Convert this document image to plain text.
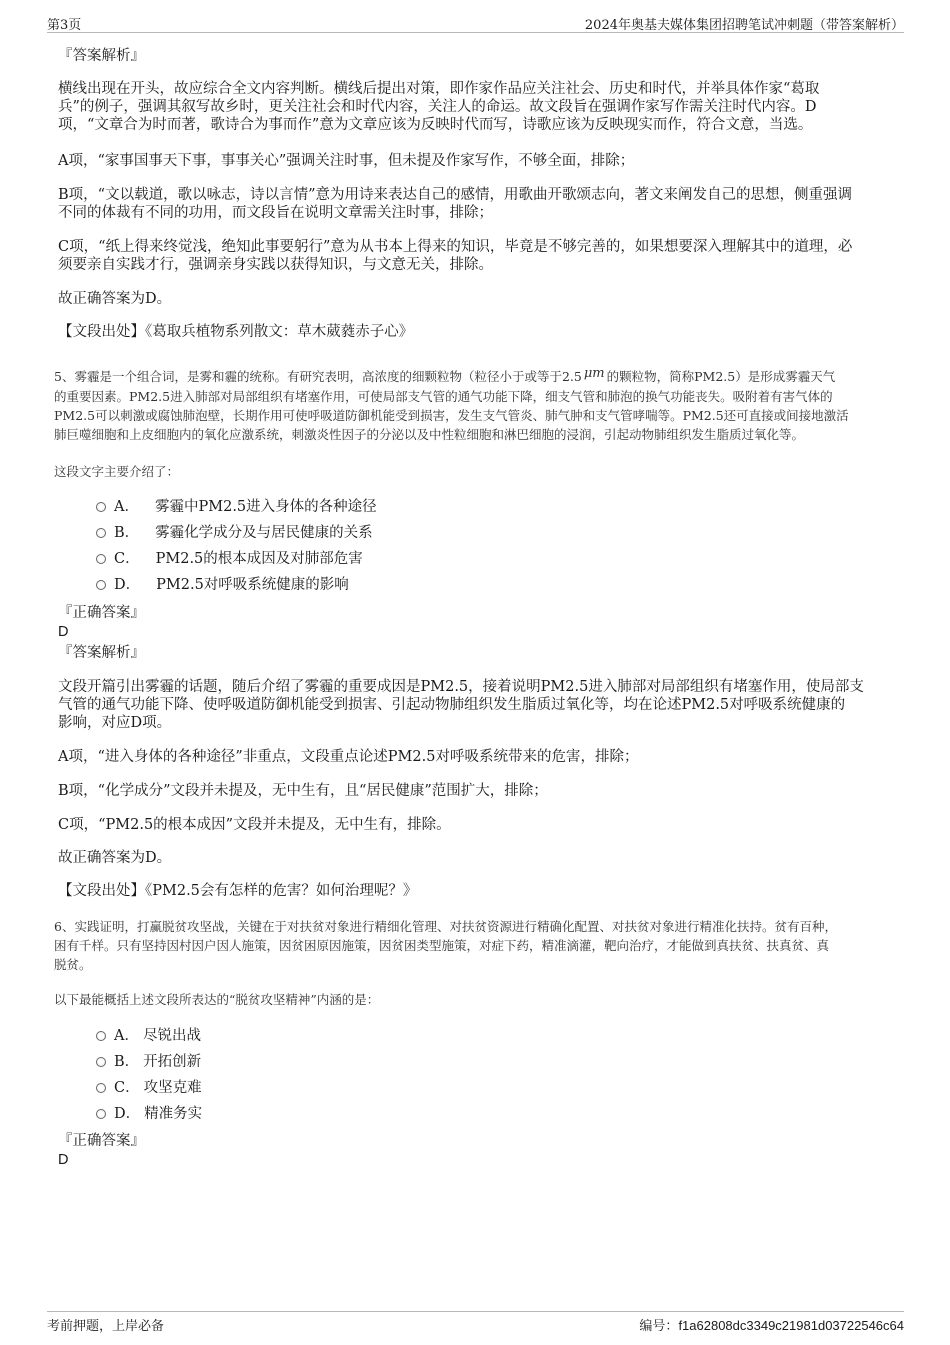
第3页	2024年奥基夫媒体集团招聘笔试冲刺题（带答案解析）
『答案解析』
横线出现在开头，故应综合全文内容判断。横线后提出对策，即作家作品应关注社会、历史和时代，并举具体作家“葛取
兵”的例子，强调其叙写故乡时，更关注社会和时代内容，关注人的命运。故文段旨在强调作家写作需关注时代内容。D
项，“文章合为时而著，歌诗合为事而作”意为文章应该为反映时代而写，诗歌应该为反映现实而作，符合文意，当选。
A项，“家事国事天下事，事事关心”强调关注时事，但未提及作家写作，不够全面，排除；
B项，“文以载道，歌以咏志，诗以言情”意为用诗来表达自己的感情，用歌曲开歌颂志向，著文来阐发自己的思想，侧重强调
不同的体裁有不同的功用，而文段旨在说明文章需关注时事，排除；
C项，“纸上得来终觉浅，绝知此事要躬行”意为从书本上得来的知识，毕竟是不够完善的，如果想要深入理解其中的道理，必
须要亲自实践才行，强调亲身实践以获得知识，与文意无关，排除。
故正确答案为D。
【文段出处】《葛取兵植物系列散文：草木葳蕤赤子心》
5、雾霾是一个组合词，是雾和霾的统称。有研究表明，高浓度的细颗粒物（粒径小于或等于2.5 μm 的颗粒物，简称PM2.5）是形成雾霾天气
的重要因素。PM2.5进入肺部对局部组织有堵塞作用，可使局部支气管的通气功能下降，细支气管和肺泡的换气功能丧失。吸附着有害气体的
PM2.5可以刺激或腐蚀肺泡壁，长期作用可使呼吸道防御机能受到损害，发生支气管炎、肺气肿和支气管哮喘等。PM2.5还可直接或间接地激活
肺巨噬细胞和上皮细胞内的氧化应激系统，刺激炎性因子的分泌以及中性粒细胞和淋巴细胞的浸润，引起动物肺组织发生脂质过氧化等。
这段文字主要介绍了：
A． 雾霾中PM2.5进入身体的各种途径
B． 雾霾化学成分及与居民健康的关系
C． PM2.5的根本成因及对肺部危害
D． PM2.5对呼吸系统健康的影响
『正确答案』
D
『答案解析』
文段开篇引出雾霾的话题，随后介绍了雾霾的重要成因是PM2.5，接着说明PM2.5进入肺部对局部组织有堵塞作用，使局部支
气管的通气功能下降、使呼吸道防御机能受到损害、引起动物肺组织发生脂质过氧化等，均在论述PM2.5对呼吸系统健康的
影响，对应D项。
A项，“进入身体的各种途径”非重点，文段重点论述PM2.5对呼吸系统带来的危害，排除；
B项，“化学成分”文段并未提及，无中生有，且“居民健康”范围扩大，排除；
C项，“PM2.5的根本成因”文段并未提及，无中生有，排除。
故正确答案为D。
【文段出处】《PM2.5会有怎样的危害？如何治理呢？》
6、实践证明，打赢脱贫攻坚战，关键在于对扶贫对象进行精细化管理、对扶贫资源进行精确化配置、对扶贫对象进行精准化扶持。贫有百种，
困有千样。只有坚持因村因户因人施策，因贫困原因施策，因贫困类型施策，对症下药，精准滴灌，靶向治疗，才能做到真扶贫、扶真贫、真
脱贫。
以下最能概括上述文段所表达的“脱贫攻坚精神”内涵的是：
A． 尽锐出战
B． 开拓创新
C． 攻坚克难
D． 精准务实
『正确答案』
D
考前押题，上岸必备	编号：f1a62808dc3349c21981d03722546c64
